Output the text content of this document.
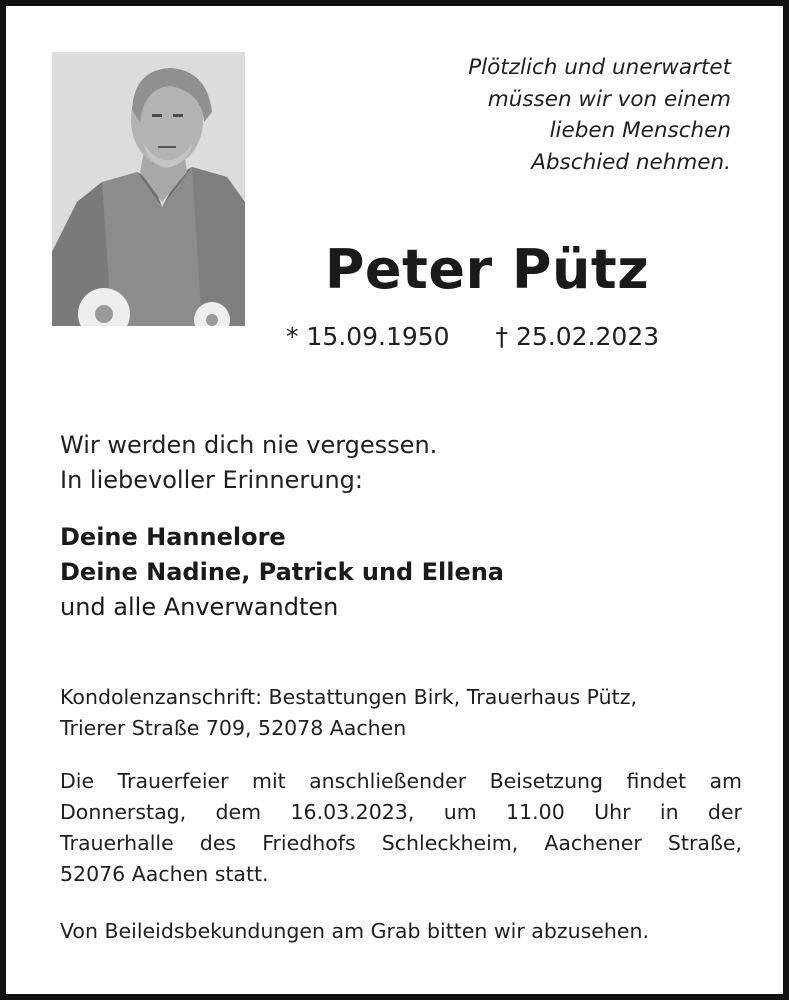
Plötzlich und unerwartet
müssen wir von einem
lieben Menschen
Abschied nehmen.
Peter Pütz
* 15.09.1950 † 25.02.2023
Wir werden dich nie vergessen.
In liebevoller Erinnerung:
Deine Hannelore
Deine Nadine, Patrick und Ellena
und alle Anverwandten
Kondolenzanschrift: Bestattungen Birk, Trauerhaus Pütz,
Trierer Straße 709, 52078 Aachen
Die Trauerfeier mit anschließender Beisetzung findet am
Donnerstag, dem 16.03.2023, um 11.00 Uhr in der
Trauerhalle des Friedhofs Schleckheim, Aachener Straße,
52076 Aachen statt.
Von Beileidsbekundungen am Grab bitten wir abzusehen.
